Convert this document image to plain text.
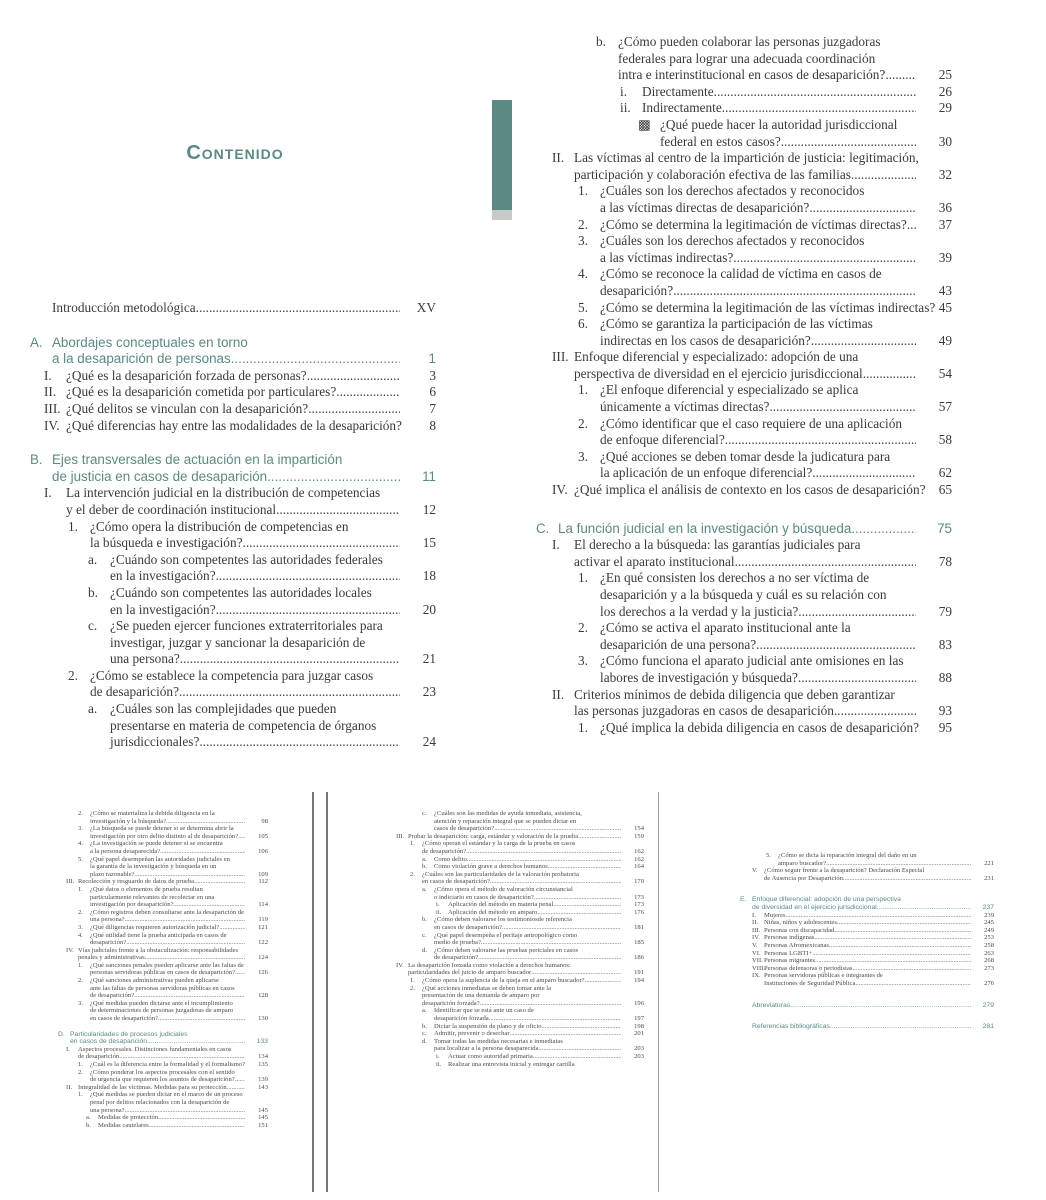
Contenido
Introducción metodológica .....	XV
A. Abordajes conceptuales en torno
a la desaparición de personas .....	1
I.	¿Qué es la desaparición forzada de personas? .....	3
II. ¿Qué es la desaparición cometida por particulares? .....	6
III. ¿Qué delitos se vinculan con la desaparición? .....	7
IV. ¿Qué diferencias hay entre las modalidades de la desaparición?	8
B. Ejes transversales de actuación en la impartición
de justicia en casos de desaparición .....	11
I.	La intervención judicial en la distribución de competencias
y el deber de coordinación institucional .....	12
1. ¿Cómo opera la distribución de competencias en
la búsqueda e investigación? .....	15
a. ¿Cuándo son competentes las autoridades federales
en la investigación? .....	18
b. ¿Cuándo son competentes las autoridades locales
en la investigación? .....	20
c. ¿Se pueden ejercer funciones extraterritoriales para
investigar, juzgar y sancionar la desaparición de
una persona? .....	21
2. ¿Cómo se establece la competencia para juzgar casos
de desaparición? .....	23
a. ¿Cuáles son las complejidades que pueden
presentarse en materia de competencia de órganos
jurisdiccionales? .....	24
b. ¿Cómo pueden colaborar las personas juzgadoras
federales para lograr una adecuada coordinación
intra e interinstitucional en casos de desaparición? .....	25
i.	Directamente .....	26
ii. Indirectamente .....	29
▩ ¿Qué puede hacer la autoridad jurisdiccional
federal en estos casos? .....	30
II. Las víctimas al centro de la impartición de justicia: legitimación,
participación y colaboración efectiva de las familias .....	32
1. ¿Cuáles son los derechos afectados y reconocidos
a las víctimas directas de desaparición? .....	36
2. ¿Cómo se determina la legitimación de víctimas directas? .....	37
3. ¿Cuáles son los derechos afectados y reconocidos
a las víctimas indirectas? .....	39
4. ¿Cómo se reconoce la calidad de víctima en casos de
desaparición? .....	43
5. ¿Cómo se determina la legitimación de las víctimas indirectas? 45
6. ¿Cómo se garantiza la participación de las víctimas
indirectas en los casos de desaparición? .....	49
III. Enfoque diferencial y especializado: adopción de una
perspectiva de diversidad en el ejercicio jurisdiccional .....	54
1. ¿El enfoque diferencial y especializado se aplica
únicamente a víctimas directas? .....	57
2. ¿Cómo identificar que el caso requiere de una aplicación
de enfoque diferencial? .....	58
3. ¿Qué acciones se deben tomar desde la judicatura para
la aplicación de un enfoque diferencial? .....	62
IV. ¿Qué implica el análisis de contexto en los casos de desaparición? 65
C. La función judicial en la investigación y búsqueda .....	75
I.	El derecho a la búsqueda: las garantías judiciales para
activar el aparato institucional .....	78
1. ¿En qué consisten los derechos a no ser víctima de
desaparición y a la búsqueda y cuál es su relación con
los derechos a la verdad y la justicia? .....	79
2. ¿Cómo se activa el aparato institucional ante la
desaparición de una persona? .....	83
3. ¿Cómo funciona el aparato judicial ante omisiones en las
labores de investigación y búsqueda? .....	88
II. Criterios mínimos de debida diligencia que deben garantizar
las personas juzgadoras en casos de desaparición .....	93
1. ¿Qué implica la debida diligencia en casos de desaparición?	95
2.	¿Cómo se materializa la debida diligencia en la
investigación y la búsqueda? .....	98
3.	¿La búsqueda se puede detener si se determina abrir la
investigación por otro delito distinto al de desaparición? .....	105
4.	¿La investigación se puede detener si se encuentra
a la persona desaparecida? .....	106
5.	¿Qué papel desempeñan las autoridades judiciales en
la garantía de la investigación y búsqueda en un
plazo razonable? .....	109
III. Recolección y resguardo de datos de prueba .....	112
1.	¿Qué datos o elementos de prueba resultan
particularmente relevantes de recolectar en una
investigación por desaparición? .....	114
2.	¿Cómo registros deben consultarse ante la desaparición de
una persona? .....	119
3.	¿Qué diligencias requieren autorización judicial? .....	121
4.	¿Qué utilidad tiene la prueba anticipada en casos de
desaparición? .....	122
IV. Vías judiciales frente a la obstaculización: responsabilidades
penales y administrativas .....	124
1.	¿Qué sanciones penales pueden aplicarse ante las faltas de
personas servidoras públicas en casos de desaparición? .....	126
2.	¿Qué sanciones administrativas pueden aplicarse
ante las faltas de personas servidoras públicas en casos
de desaparición? .....	128
3.	¿Qué medidas pueden dictarse ante el incumplimiento
de determinaciones de personas juzgadoras de amparo
en casos de desaparición? .....	130
D. Particularidades de procesos judiciales
en casos de desaparición .....	133
I.	Aspectos procesales. Distinciones fundamentales en casos
de desaparición .....	134
1.	¿Cuál es la diferencia entre la formalidad y el formalismo?	135
2.	¿Cómo ponderar los aspectos procesales con el sentido
de urgencia que requieren los asuntos de desaparición? .....	139
II. Integralidad de las víctimas. Medidas para su protección .....	143
1.	¿Qué medidas se pueden dictar en el marco de un proceso
penal por delitos relacionados con la desaparición de
una persona? .....	145
a.	Medidas de protección .....	145
b.	Medidas cautelares .....	151
c.	¿Cuáles son las medidas de ayuda inmediata, asistencia,
atención y reparación integral que se pueden dictar en
casos de desaparición? .....	154
III. Probar la desaparición: carga, estándar y valoración de la prueba .....	159
1.	¿Cómo operan el estándar y la carga de la prueba en casos
de desaparición? .....	162
a.	Como delito .....	162
b.	Como violación grave a derechos humanos .....	164
2.	¿Cuáles son las particularidades de la valoración probatoria
en casos de desaparición? .....	170
a.	¿Cómo opera el método de valoración circunstancial
o indiciario en casos de desaparición? .....	173
i.	Aplicación del método en materia penal .....	173
ii.	Aplicación del método en amparo .....	176
b.	¿Cómo deben valorarse los testimoniosde referencia
en casos de desaparición? .....	181
c.	¿Qué papel desempeña el peritaje antropológico como
medio de prueba? .....	185
d.	¿Cómo deben valorarse las pruebas periciales en casos
de desaparición? .....	186
IV. La desaparición forzada como violación a derechos humanos:
particularidades del juicio de amparo buscador .....	191
1.	¿Cómo opera la suplencia de la queja en el amparo buscador? .....	194
2.	¿Qué acciones inmediatas se deben tomar ante la
presentación de una demanda de amparo por
desaparición forzada? .....	196
a.	Identificar que se está ante un caso de
desaparición forzada .....	197
b.	Dictar la suspensión de plano y de oficio .....	198
c.	Admitir, prevenir o desechar .....	201
d.	Tomar todas las medidas necesarias e inmediatas
para localizar a la persona desaparecida .....	203
i.	Actuar como autoridad primaria .....	203
ii.	Realizar una entrevista inicial y entregar cartilla
5.	¿Cómo se dicta la reparación integral del daño en un
amparo buscador? .....	221
V. ¿Cómo seguir frente a la desaparición? Declaración Especial
de Ausencia por Desaparición .....	231
E. Enfoque diferencial: adopción de una perspectiva
de diversidad en el ejercicio jurisdiccional .....	237
I.	Mujeres .....	239
II. Niñas, niños y adolescentes .....	245
III. Personas con discapacidad .....	249
IV. Personas indígenas .....	253
V. Personas Afromexicanas .....	258
VI. Personas LGBTI+ .....	263
VII. Personas migrantes .....	268
VIII. Personas defensoras o periodistas .....	273
IX. Personas servidoras públicas e integrantes de
Instituciones de Seguridad Pública .....	276
Abreviaturas .....	279
Referencias bibliográficas .....	281
